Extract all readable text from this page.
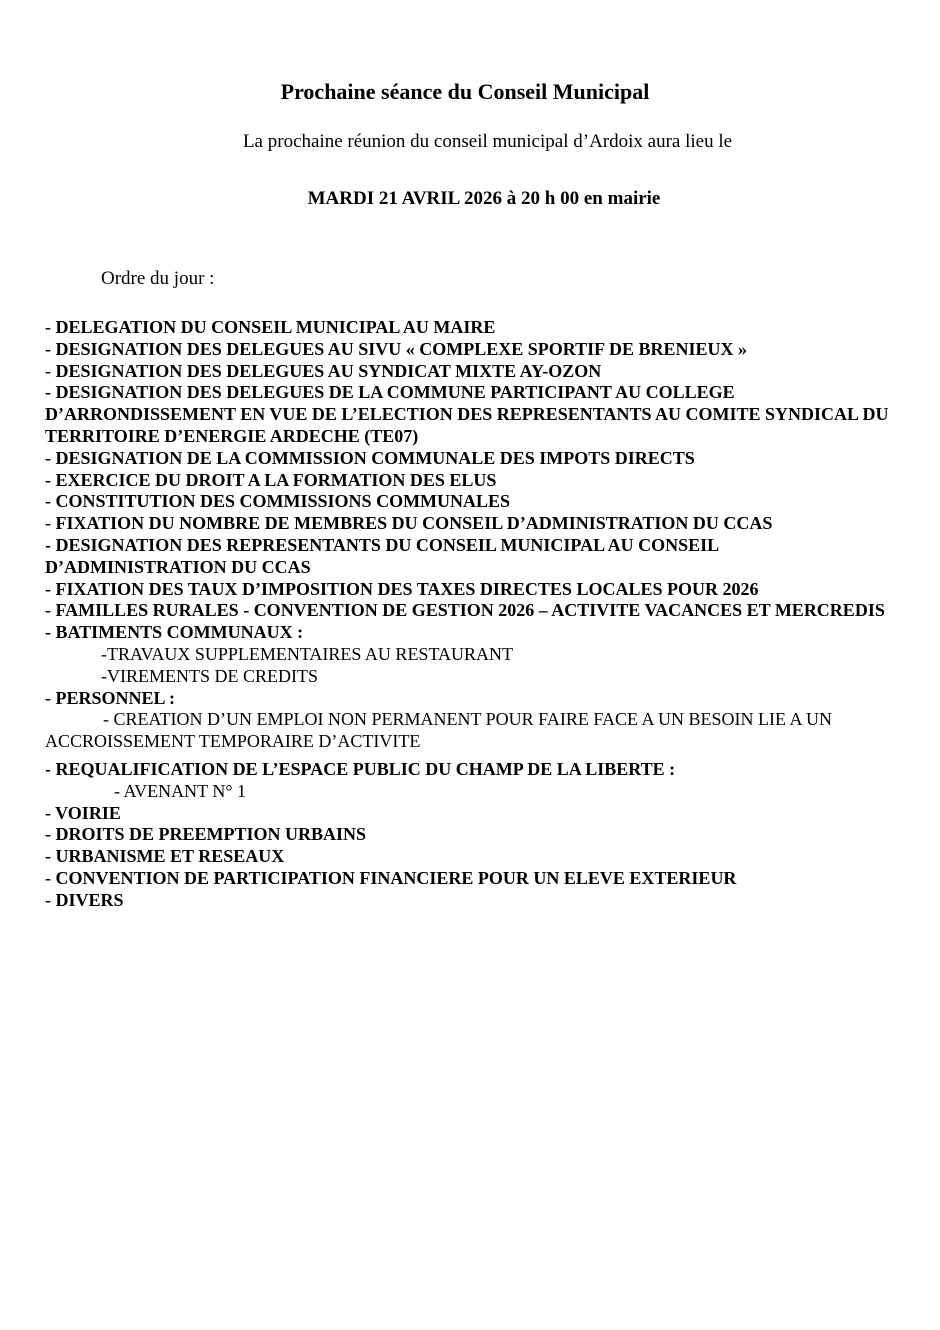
Prochaine séance du Conseil Municipal
La prochaine réunion du conseil municipal d’Ardoix aura lieu le
MARDI 21 AVRIL 2026 à 20 h 00 en mairie
Ordre du jour :

- DELEGATION DU CONSEIL MUNICIPAL AU MAIRE

- DESIGNATION DES DELEGUES AU SIVU « COMPLEXE SPORTIF DE BRENIEUX »

- DESIGNATION DES DELEGUES AU SYNDICAT MIXTE AY-OZON

- DESIGNATION DES DELEGUES DE LA COMMUNE PARTICIPANT AU COLLEGE D’ARRONDISSEMENT EN VUE DE L’ELECTION DES REPRESENTANTS AU COMITE SYNDICAL DU TERRITOIRE D’ENERGIE ARDECHE (TE07)

- DESIGNATION DE LA COMMISSION COMMUNALE DES IMPOTS DIRECTS

- EXERCICE DU DROIT A LA FORMATION DES ELUS

- CONSTITUTION DES COMMISSIONS COMMUNALES

- FIXATION DU NOMBRE DE MEMBRES DU CONSEIL D’ADMINISTRATION DU CCAS

- DESIGNATION DES REPRESENTANTS DU CONSEIL MUNICIPAL AU CONSEIL D’ADMINISTRATION DU CCAS

- FIXATION DES TAUX D’IMPOSITION DES TAXES DIRECTES LOCALES POUR 2026

- FAMILLES RURALES - CONVENTION DE GESTION 2026 – ACTIVITE VACANCES ET MERCREDIS

- BATIMENTS COMMUNAUX :

-TRAVAUX SUPPLEMENTAIRES AU RESTAURANT

-VIREMENTS DE CREDITS

- PERSONNEL :

- CREATION D’UN EMPLOI NON PERMANENT POUR FAIRE FACE A UN BESOIN LIE A UN ACCROISSEMENT TEMPORAIRE D’ACTIVITE

- REQUALIFICATION DE L’ESPACE PUBLIC DU CHAMP DE LA LIBERTE :

- AVENANT N° 1

- VOIRIE

- DROITS DE PREEMPTION URBAINS

- URBANISME ET RESEAUX

- CONVENTION DE PARTICIPATION FINANCIERE POUR UN ELEVE EXTERIEUR

- DIVERS
